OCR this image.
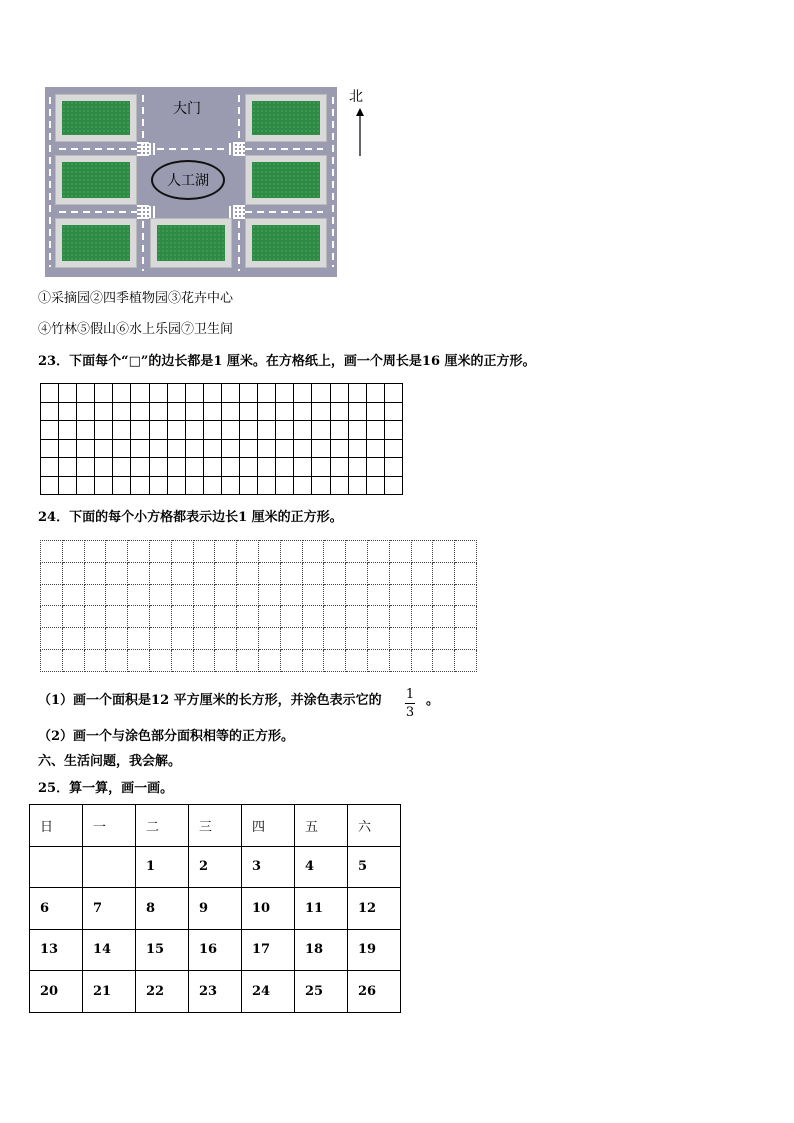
大门
人工湖
北
①采摘园②四季植物园③花卉中心
④竹林⑤假山⑥水上乐园⑦卫生间
23．下面每个“□”的边长都是1 厘米。在方格纸上，画一个周长是16 厘米的正方形。

24．下面的每个小方格都表示边长1 厘米的正方形。

（1）画一个面积是12 平方厘米的长方形，并涂色表示它的 1
3
。
（2）画一个与涂色部分面积相等的正方形。
六、生活问题，我会解。
25．算一算，画一画。
日	一	二	三	四	五	六
		1	2	3	4	5
6	7	8	9	10	11	12
13	14	15	16	17	18	19
20	21	22	23	24	25	26
